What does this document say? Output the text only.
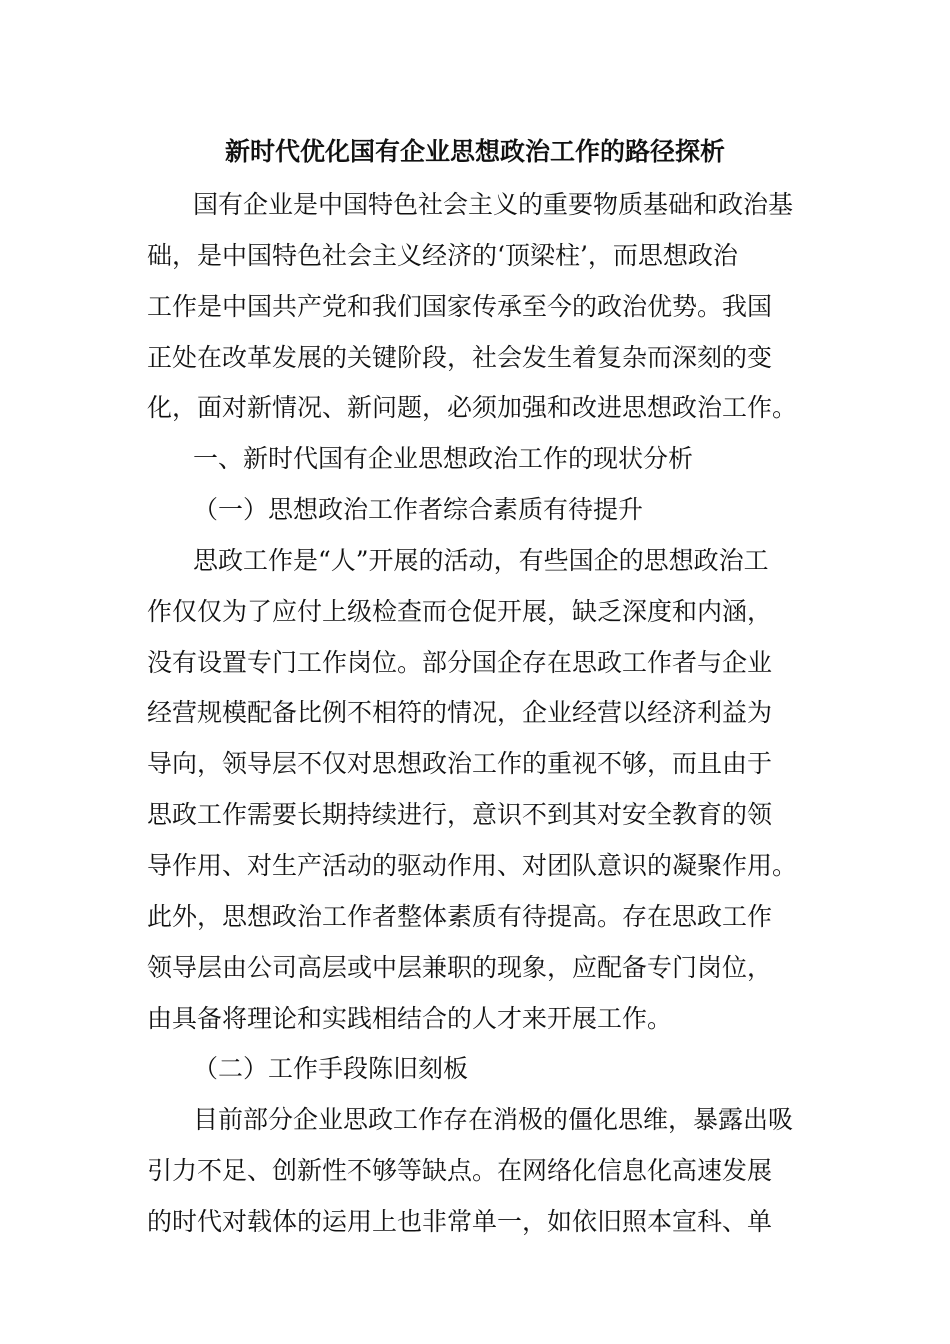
新时代优化国有企业思想政治工作的路径探析
国有企业是中国特色社会主义的重要物质基础和政治基
础，是中国特色社会主义经济的‘顶梁柱’，而思想政治
工作是中国共产党和我们国家传承至今的政治优势。我国
正处在改革发展的关键阶段，社会发生着复杂而深刻的变
化，面对新情况、新问题，必须加强和改进思想政治工作。
一、新时代国有企业思想政治工作的现状分析
（一）思想政治工作者综合素质有待提升
思政工作是“人”开展的活动，有些国企的思想政治工
作仅仅为了应付上级检查而仓促开展，缺乏深度和内涵，
没有设置专门工作岗位。部分国企存在思政工作者与企业
经营规模配备比例不相符的情况，企业经营以经济利益为
导向，领导层不仅对思想政治工作的重视不够，而且由于
思政工作需要长期持续进行，意识不到其对安全教育的领
导作用、对生产活动的驱动作用、对团队意识的凝聚作用。
此外，思想政治工作者整体素质有待提高。存在思政工作
领导层由公司高层或中层兼职的现象，应配备专门岗位，
由具备将理论和实践相结合的人才来开展工作。
（二）工作手段陈旧刻板
目前部分企业思政工作存在消极的僵化思维，暴露出吸
引力不足、创新性不够等缺点。在网络化信息化高速发展
的时代对载体的运用上也非常单一，如依旧照本宣科、单
